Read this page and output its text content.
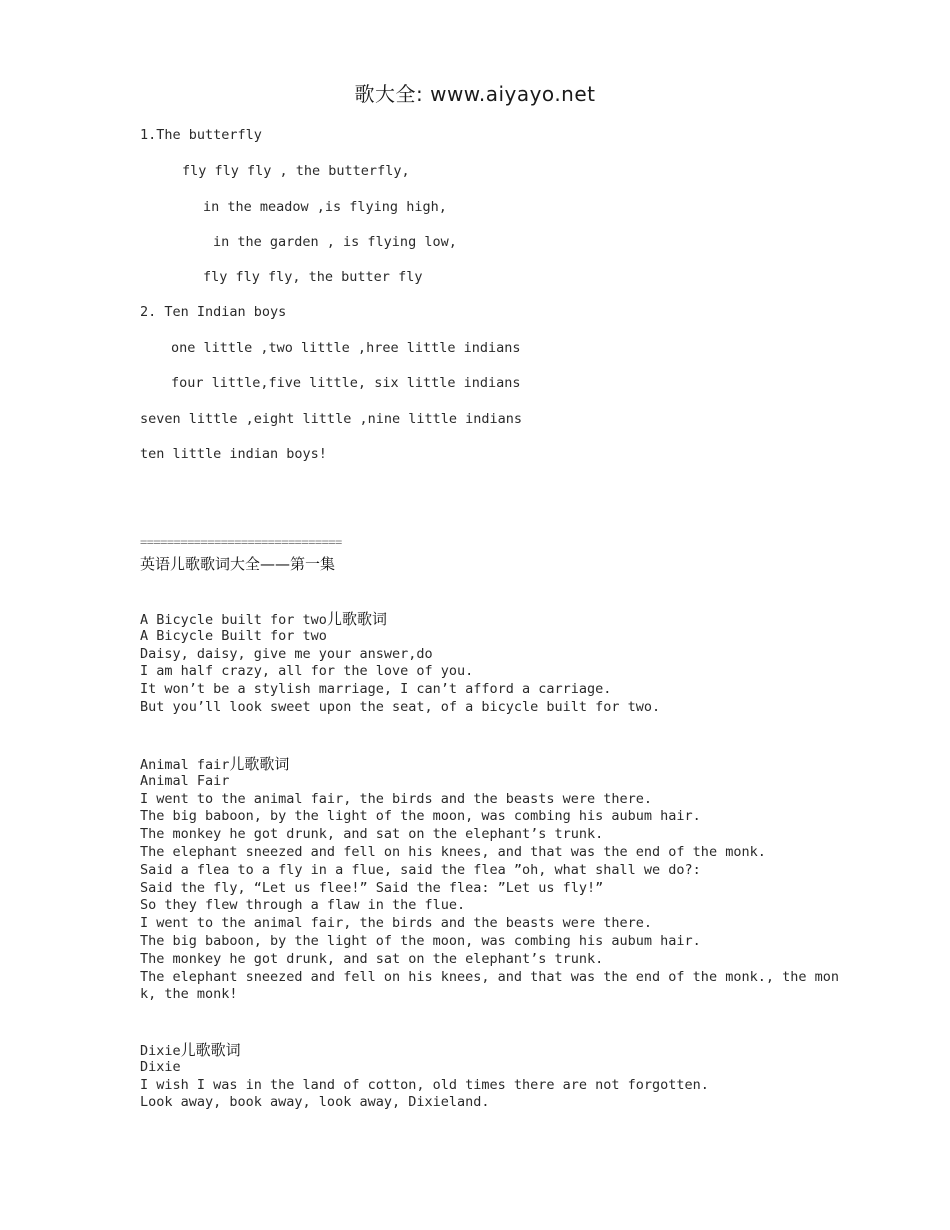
歌大全: www.aiyayo.net
1.The butterfly
fly fly fly , the butterfly,
in the meadow ,is flying high,
in the garden , is flying low,
fly fly fly, the butter fly
2. Ten Indian boys
one little ,two little ,hree little indians
four little,five little, six little indians
seven little ,eight little ,nine little indians
ten little indian boys!
==============================
英语儿歌歌词大全——第一集
A Bicycle built for two儿歌歌词
A Bicycle Built for two
Daisy, daisy, give me your answer,do
I am half crazy, all for the love of you.
It won’t be a stylish marriage, I can’t afford a carriage.
But you’ll look sweet upon the seat, of a bicycle built for two.
Animal fair儿歌歌词
Animal Fair
I went to the animal fair, the birds and the beasts were there.
The big baboon, by the light of the moon, was combing his aubum hair.
The monkey he got drunk, and sat on the elephant’s trunk.
The elephant sneezed and fell on his knees, and that was the end of the monk.
Said a flea to a fly in a flue, said the flea ”oh, what shall we do?:
Said the fly, “Let us flee!” Said the flea: ”Let us fly!”
So they flew through a flaw in the flue.
I went to the animal fair, the birds and the beasts were there.
The big baboon, by the light of the moon, was combing his aubum hair.
The monkey he got drunk, and sat on the elephant’s trunk.
The elephant sneezed and fell on his knees, and that was the end of the monk., the mon
k, the monk!
Dixie儿歌歌词
Dixie
I wish I was in the land of cotton, old times there are not forgotten.
Look away, book away, look away, Dixieland.
